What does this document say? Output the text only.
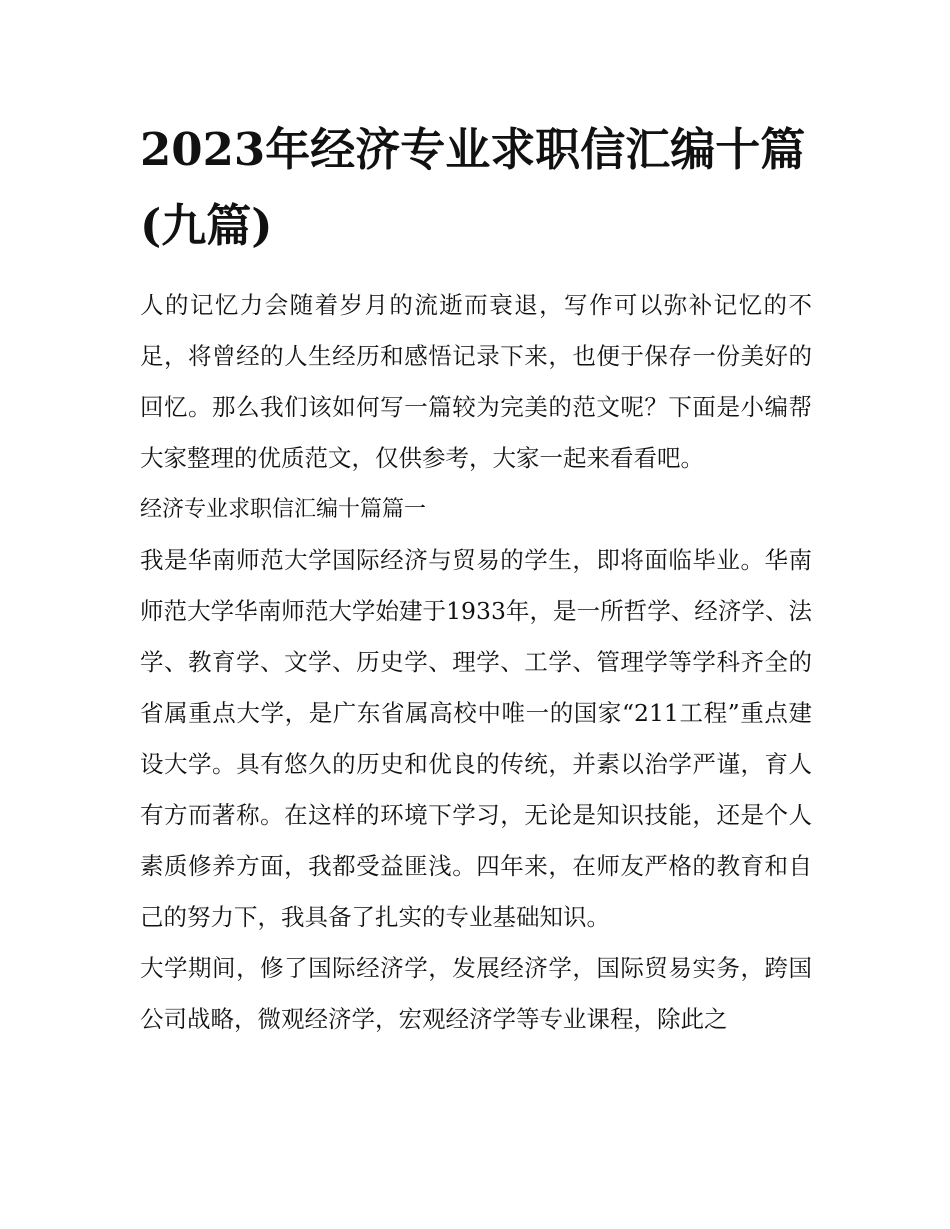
2023年经济专业求职信汇编十篇(九篇)

人的记忆力会随着岁月的流逝而衰退，写作可以弥补记忆的不足，将曾经的人生经历和感悟记录下来，也便于保存一份美好的回忆。那么我们该如何写一篇较为完美的范文呢？下面是小编帮大家整理的优质范文，仅供参考，大家一起来看看吧。

经济专业求职信汇编十篇篇一

我是华南师范大学国际经济与贸易的学生，即将面临毕业。华南师范大学华南师范大学始建于1933年，是一所哲学、经济学、法学、教育学、文学、历史学、理学、工学、管理学等学科齐全的省属重点大学，是广东省属高校中唯一的国家“211工程”重点建设大学。具有悠久的历史和优良的传统，并素以治学严谨，育人有方而著称。在这样的环境下学习，无论是知识技能，还是个人素质修养方面，我都受益匪浅。四年来，在师友严格的教育和自己的努力下，我具备了扎实的专业基础知识。

大学期间，修了国际经济学，发展经济学，国际贸易实务，跨国公司战略，微观经济学，宏观经济学等专业课程，除此之
